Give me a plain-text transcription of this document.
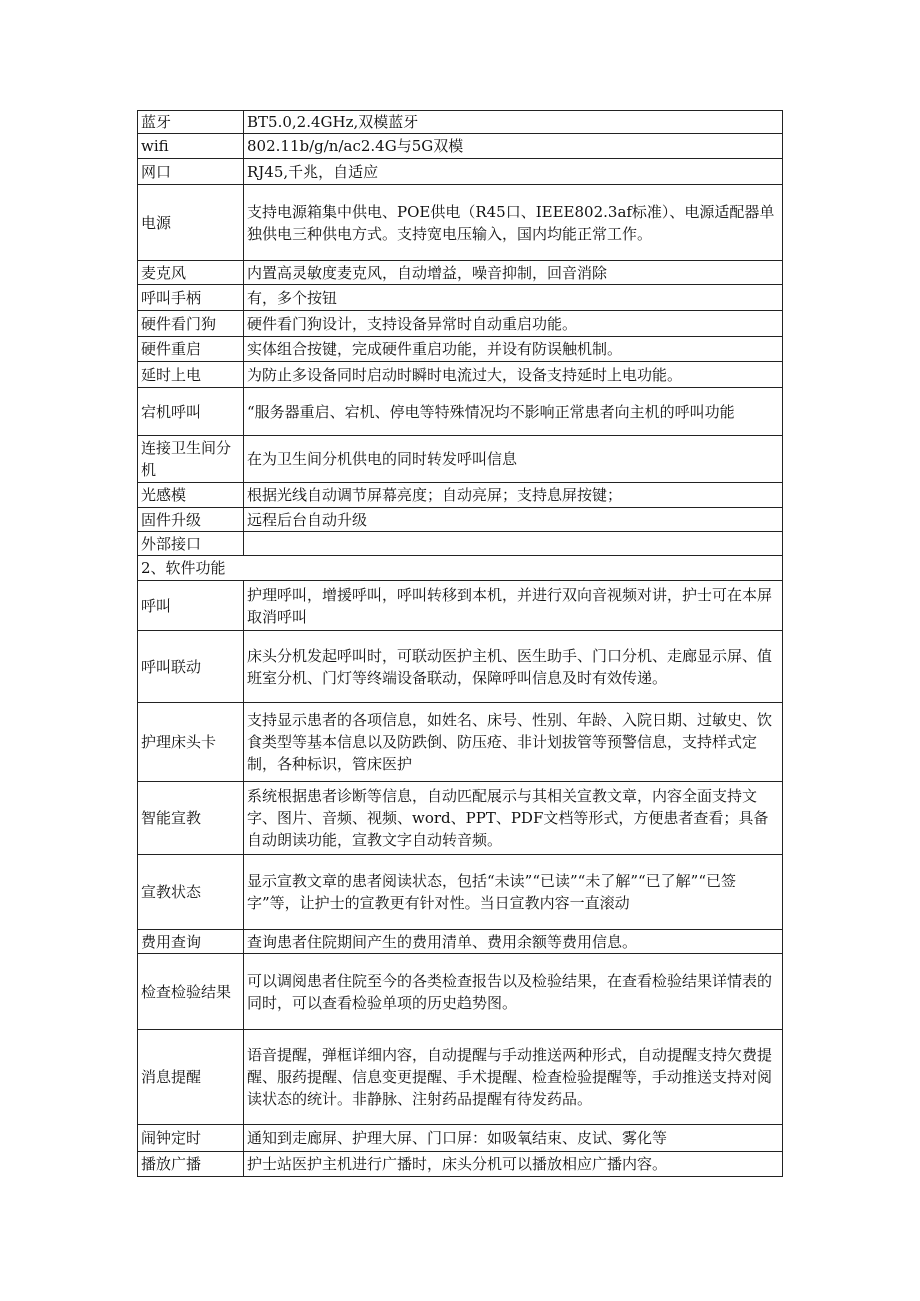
蓝牙	BT5.0,2.4GHz,双模蓝牙
wifi	802.11b/g/n/ac2.4G与5G双模
网口	RJ45,千兆，自适应
电源	支持电源箱集中供电、POE供电（R45口、IEEE802.3af标准）、电源适配器单独供电三种供电方式。支持宽电压输入，国内均能正常工作。
麦克风	内置高灵敏度麦克风，自动增益，噪音抑制，回音消除
呼叫手柄	有，多个按钮
硬件看门狗	硬件看门狗设计，支持设备异常时自动重启功能。
硬件重启	实体组合按键，完成硬件重启功能，并设有防误触机制。
延时上电	为防止多设备同时启动时瞬时电流过大，设备支持延时上电功能。
宕机呼叫	“服务器重启、宕机、停电等特殊情况均不影响正常患者向主机的呼叫功能
连接卫生间分机	在为卫生间分机供电的同时转发呼叫信息
光感模	根据光线自动调节屏幕亮度；自动亮屏；支持息屏按键；
固件升级	远程后台自动升级
外部接口	
2、软件功能	
呼叫	护理呼叫，增援呼叫，呼叫转移到本机，并进行双向音视频对讲，护士可在本屏取消呼叫
呼叫联动	床头分机发起呼叫时，可联动医护主机、医生助手、门口分机、走廊显示屏、值班室分机、门灯等终端设备联动，保障呼叫信息及时有效传递。
护理床头卡	支持显示患者的各项信息，如姓名、床号、性别、年龄、入院日期、过敏史、饮食类型等基本信息以及防跌倒、防压疮、非计划拔管等预警信息，支持样式定制，各种标识，管床医护
智能宣教	系统根据患者诊断等信息，自动匹配展示与其相关宣教文章，内容全面支持文字、图片、音频、视频、word、PPT、PDF文档等形式，方便患者查看；具备自动朗读功能，宣教文字自动转音频。
宣教状态	显示宣教文章的患者阅读状态，包括“未读”“已读”“未了解”“已了解”“已签字”等，让护士的宣教更有针对性。当日宣教内容一直滚动
费用查询	查询患者住院期间产生的费用清单、费用余额等费用信息。
检查检验结果	可以调阅患者住院至今的各类检查报告以及检验结果，在查看检验结果详情表的同时，可以查看检验单项的历史趋势图。
消息提醒	语音提醒，弹框详细内容，自动提醒与手动推送两种形式，自动提醒支持欠费提醒、服药提醒、信息变更提醒、手术提醒、检查检验提醒等，手动推送支持对阅读状态的统计。非静脉、注射药品提醒有待发药品。
闹钟定时	通知到走廊屏、护理大屏、门口屏：如吸氧结束、皮试、雾化等
播放广播	护士站医护主机进行广播时，床头分机可以播放相应广播内容。
